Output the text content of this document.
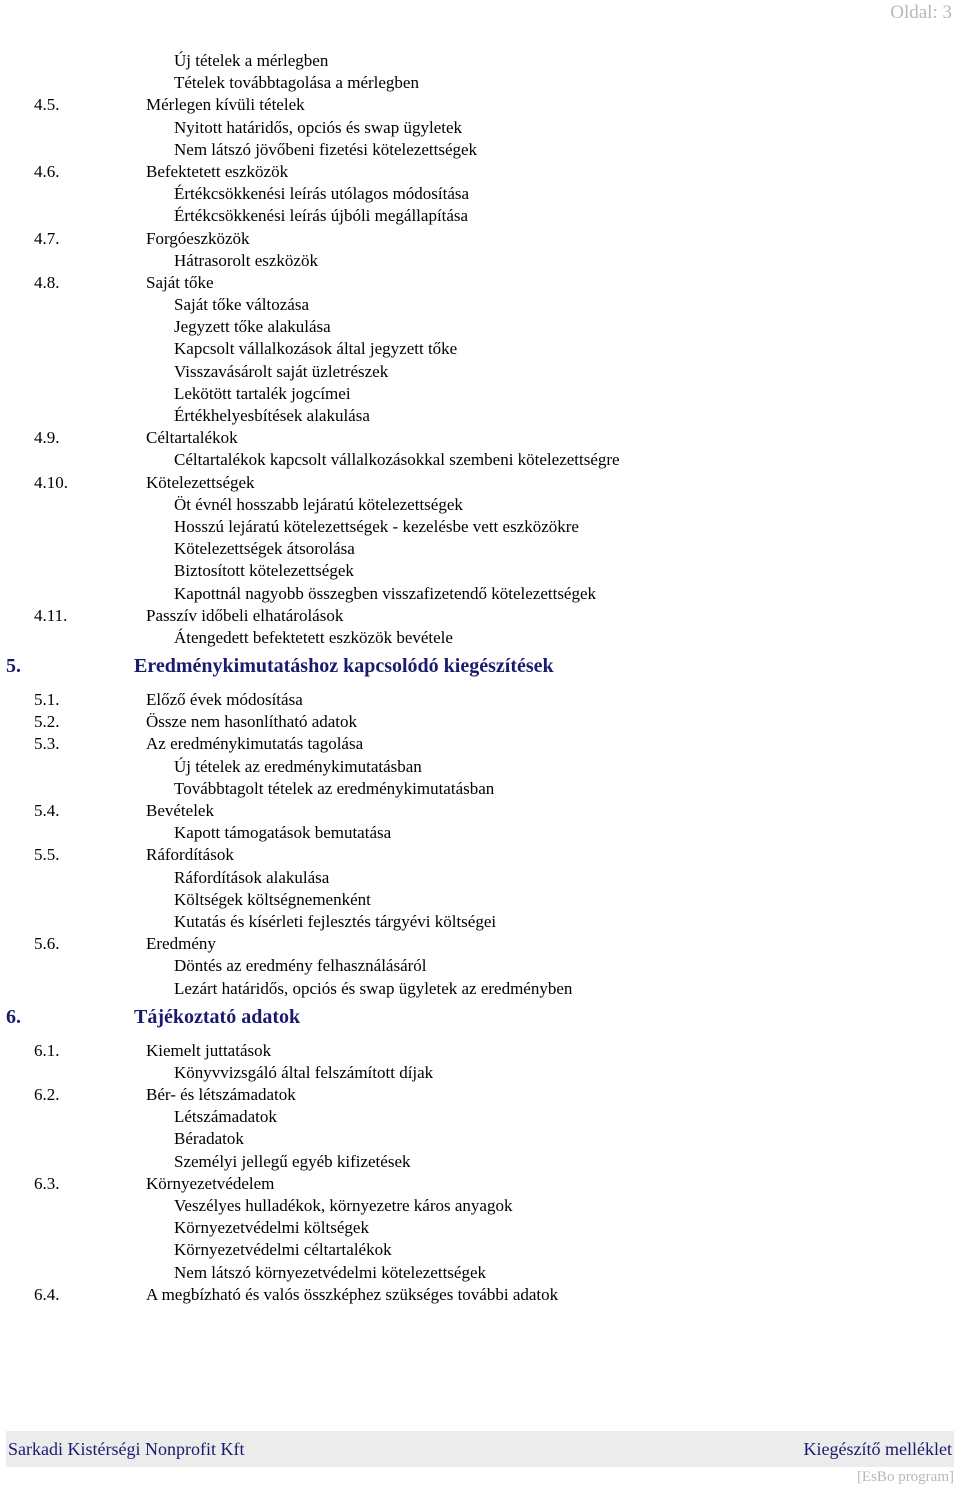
Oldal: 3
Új tételek a mérlegben
Tételek továbbtagolása a mérlegben
4.5.	Mérlegen kívüli tételek
Nyitott határidős, opciós és swap ügyletek
Nem látszó jövőbeni fizetési kötelezettségek
4.6.	Befektetett eszközök
Értékcsökkenési leírás utólagos módosítása
Értékcsökkenési leírás újbóli megállapítása
4.7.	Forgóeszközök
Hátrasorolt eszközök
4.8.	Saját tőke
Saját tőke változása
Jegyzett tőke alakulása
Kapcsolt vállalkozások által jegyzett tőke
Visszavásárolt saját üzletrészek
Lekötött tartalék jogcímei
Értékhelyesbítések alakulása
4.9.	Céltartalékok
Céltartalékok kapcsolt vállalkozásokkal szembeni kötelezettségre
4.10.	Kötelezettségek
Öt évnél hosszabb lejáratú kötelezettségek
Hosszú lejáratú kötelezettségek - kezelésbe vett eszközökre
Kötelezettségek átsorolása
Biztosított kötelezettségek
Kapottnál nagyobb összegben visszafizetendő kötelezettségek
4.11.	Passzív időbeli elhatárolások
Átengedett befektetett eszközök bevétele
5.	Eredménykimutatáshoz kapcsolódó kiegészítések
5.1.	Előző évek módosítása
5.2.	Össze nem hasonlítható adatok
5.3.	Az eredménykimutatás tagolása
Új tételek az eredménykimutatásban
Továbbtagolt tételek az eredménykimutatásban
5.4.	Bevételek
Kapott támogatások bemutatása
5.5.	Ráfordítások
Ráfordítások alakulása
Költségek költségnemenként
Kutatás és kísérleti fejlesztés tárgyévi költségei
5.6.	Eredmény
Döntés az eredmény felhasználásáról
Lezárt határidős, opciós és swap ügyletek az eredményben
6.	Tájékoztató adatok
6.1.	Kiemelt juttatások
Könyvvizsgáló által felszámított díjak
6.2.	Bér- és létszámadatok
Létszámadatok
Béradatok
Személyi jellegű egyéb kifizetések
6.3.	Környezetvédelem
Veszélyes hulladékok, környezetre káros anyagok
Környezetvédelmi költségek
Környezetvédelmi céltartalékok
Nem látszó környezetvédelmi kötelezettségek
6.4.	A megbízható és valós összképhez szükséges további adatok
Sarkadi Kistérségi Nonprofit Kft	Kiegészítő melléklet
[EsBo program]
